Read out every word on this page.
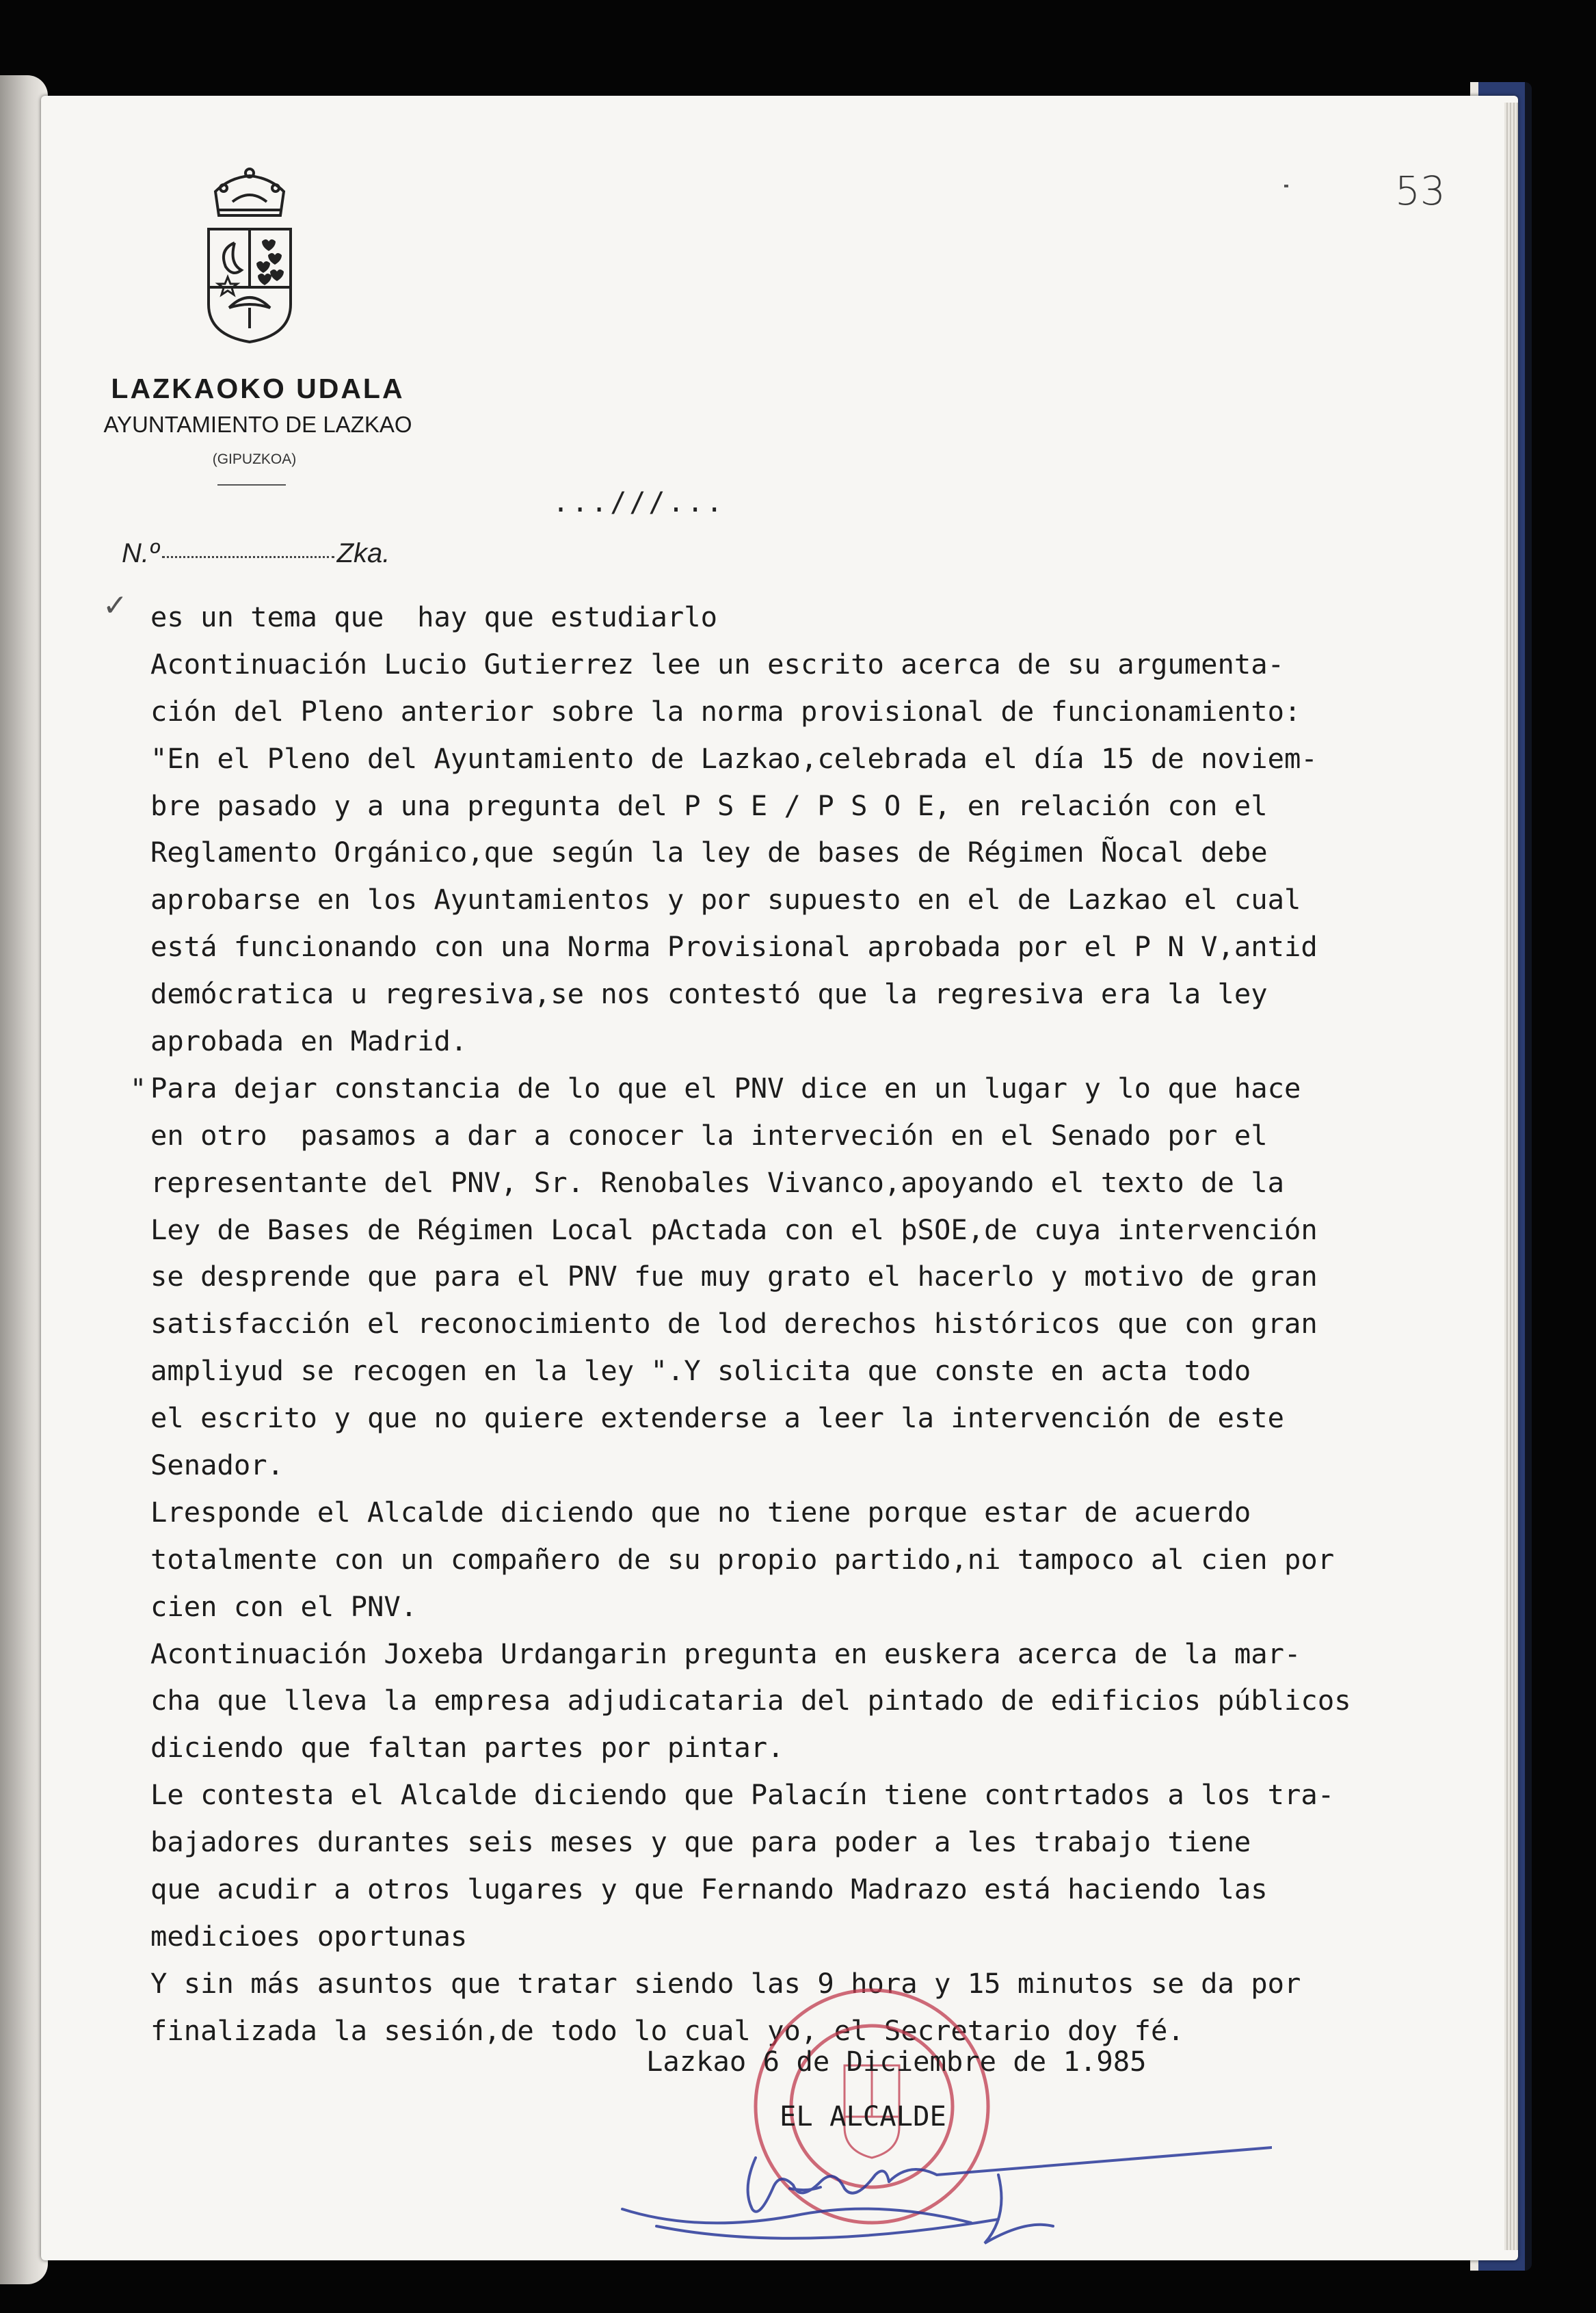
LAZKAOKO UDALA
AYUNTAMIENTO DE LAZKAO
(GIPUZKOA)
53
...///...
N.º	Zka.
✓
"
es un tema que  hay que estudiarlo
Acontinuación Lucio Gutierrez lee un escrito acerca de su argumenta-
ción del Pleno anterior sobre la norma provisional de funcionamiento:
"En el Pleno del Ayuntamiento de Lazkao,celebrada el día 15 de noviem-
bre pasado y a una pregunta del P S E / P S O E, en relación con el
Reglamento Orgánico,que según la ley de bases de Régimen Ñocal debe
aprobarse en los Ayuntamientos y por supuesto en el de Lazkao el cual
está funcionando con una Norma Provisional aprobada por el P N V,antid
demócratica u regresiva,se nos contestó que la regresiva era la ley
aprobada en Madrid.
Para dejar constancia de lo que el PNV dice en un lugar y lo que hace
en otro  pasamos a dar a conocer la interveción en el Senado por el
representante del PNV, Sr. Renobales Vivanco,apoyando el texto de la
Ley de Bases de Régimen Local pActada con el þSOE,de cuya intervención
se desprende que para el PNV fue muy grato el hacerlo y motivo de gran
satisfacción el reconocimiento de lod derechos históricos que con gran
ampliyud se recogen en la ley ".Y solicita que conste en acta todo
el escrito y que no quiere extenderse a leer la intervención de este
Senador.
Lresponde el Alcalde diciendo que no tiene porque estar de acuerdo
totalmente con un compañero de su propio partido,ni tampoco al cien por
cien con el PNV.
Acontinuación Joxeba Urdangarin pregunta en euskera acerca de la mar-
cha que lleva la empresa adjudicataria del pintado de edificios públicos
diciendo que faltan partes por pintar.
Le contesta el Alcalde diciendo que Palacín tiene contrtados a los tra-
bajadores durantes seis meses y que para poder a les trabajo tiene
que acudir a otros lugares y que Fernando Madrazo está haciendo las
medicioes oportunas
Y sin más asuntos que tratar siendo las 9 hora y 15 minutos se da por
finalizada la sesión,de todo lo cual yo, el Secretario doy fé.
Lazkao 6 de Diciembre de 1.985
EL ALCALDE
